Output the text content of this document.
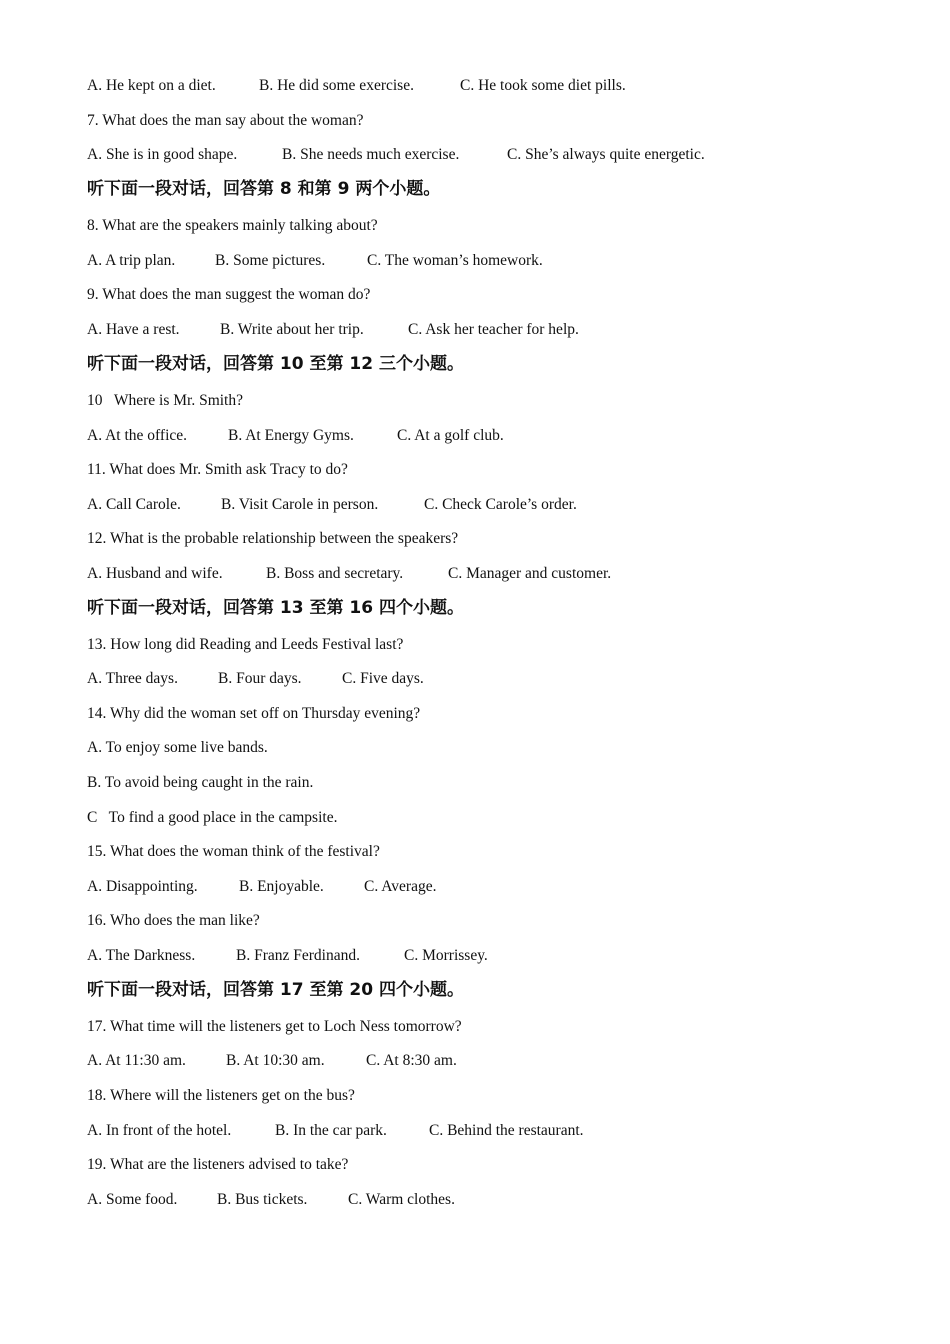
A. He kept on a diet.	B. He did some exercise.	C. He took some diet pills.
7. What does the man say about the woman?
A. She is in good shape.	B. She needs much exercise.	C. She’s always quite energetic.
听下面一段对话，回答第 8 和第 9 两个小题。
8. What are the speakers mainly talking about?
A. A trip plan.	B. Some pictures.	C. The woman’s homework.
9. What does the man suggest the woman do?
A. Have a rest.	B. Write about her trip.	C. Ask her teacher for help.
听下面一段对话，回答第 10 至第 12 三个小题。
10   Where is Mr. Smith?
A. At the office.	B. At Energy Gyms.	C. At a golf club.
11. What does Mr. Smith ask Tracy to do?
A. Call Carole.	B. Visit Carole in person.	C. Check Carole’s order.
12. What is the probable relationship between the speakers?
A. Husband and wife.	B. Boss and secretary.	C. Manager and customer.
听下面一段对话，回答第 13 至第 16 四个小题。
13. How long did Reading and Leeds Festival last?
A. Three days.	B. Four days.	C. Five days.
14. Why did the woman set off on Thursday evening?
A. To enjoy some live bands.
B. To avoid being caught in the rain.
C   To find a good place in the campsite.
15. What does the woman think of the festival?
A. Disappointing.	B. Enjoyable.	C. Average.
16. Who does the man like?
A. The Darkness.	B. Franz Ferdinand.	C. Morrissey.
听下面一段对话，回答第 17 至第 20 四个小题。
17. What time will the listeners get to Loch Ness tomorrow?
A. At 11:30 am.	B. At 10:30 am.	C. At 8:30 am.
18. Where will the listeners get on the bus?
A. In front of the hotel.	B. In the car park.	C. Behind the restaurant.
19. What are the listeners advised to take?
A. Some food.	B. Bus tickets.	C. Warm clothes.
